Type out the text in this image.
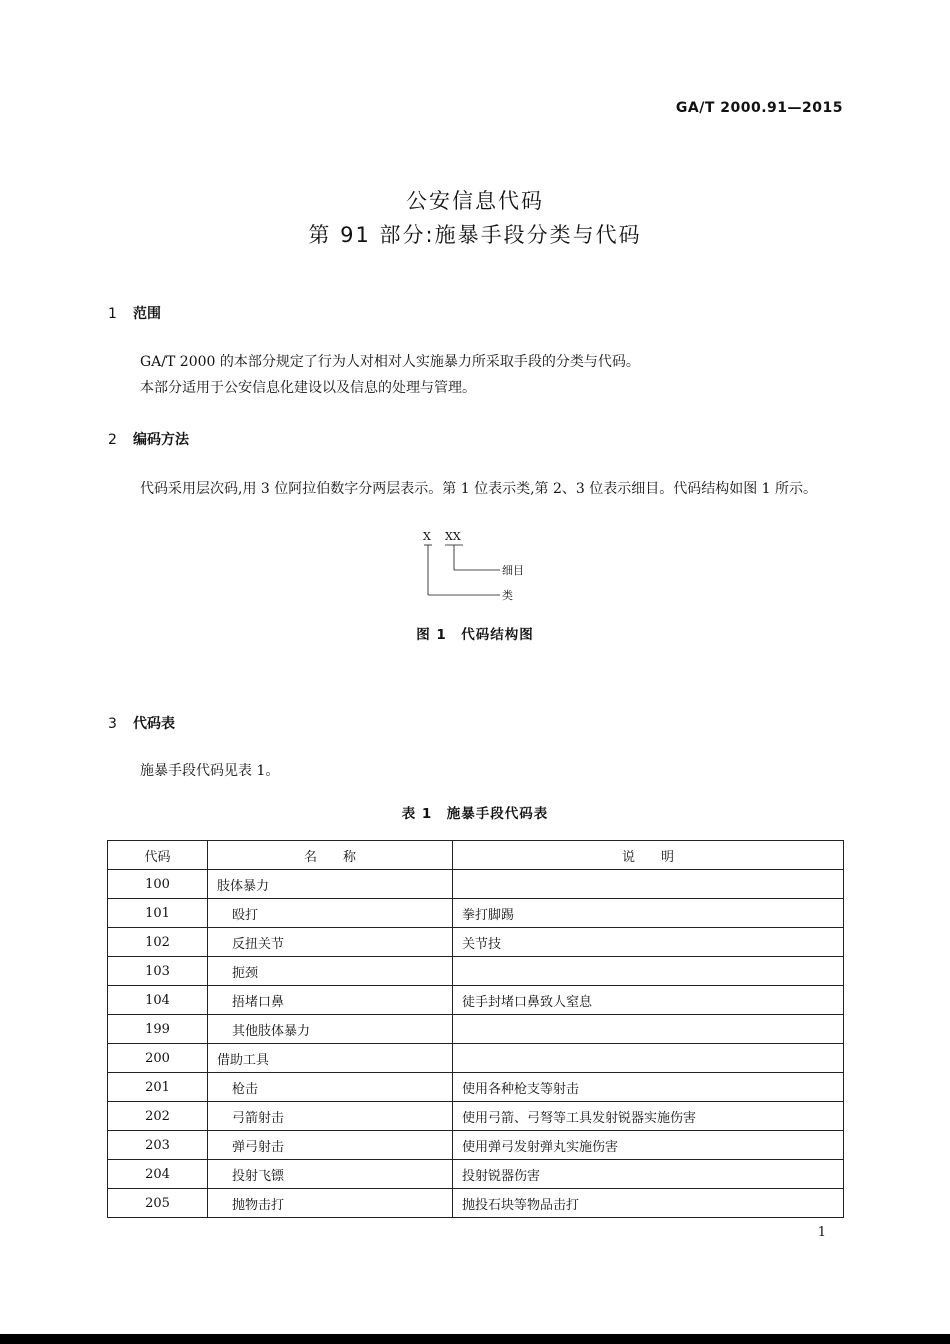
GA/T 2000.91—2015
公安信息代码
第 91 部分:施暴手段分类与代码
1 范围
GA/T 2000 的本部分规定了行为人对相对人实施暴力所采取手段的分类与代码。
本部分适用于公安信息化建设以及信息的处理与管理。
2 编码方法
代码采用层次码,用 3 位阿拉伯数字分两层表示。第 1 位表示类,第 2、3 位表示细目。代码结构如图 1 所示。
X XX
细目
类
图 1　代码结构图
3 代码表
施暴手段代码见表 1。
表 1　施暴手段代码表
代码	名　　称	说　　明
100	肢体暴力	
101	殴打	拳打脚踢
102	反扭关节	关节技
103	扼颈	
104	捂堵口鼻	徒手封堵口鼻致人窒息
199	其他肢体暴力	
200	借助工具	
201	枪击	使用各种枪支等射击
202	弓箭射击	使用弓箭、弓弩等工具发射锐器实施伤害
203	弹弓射击	使用弹弓发射弹丸实施伤害
204	投射飞镖	投射锐器伤害
205	抛物击打	抛投石块等物品击打
1
